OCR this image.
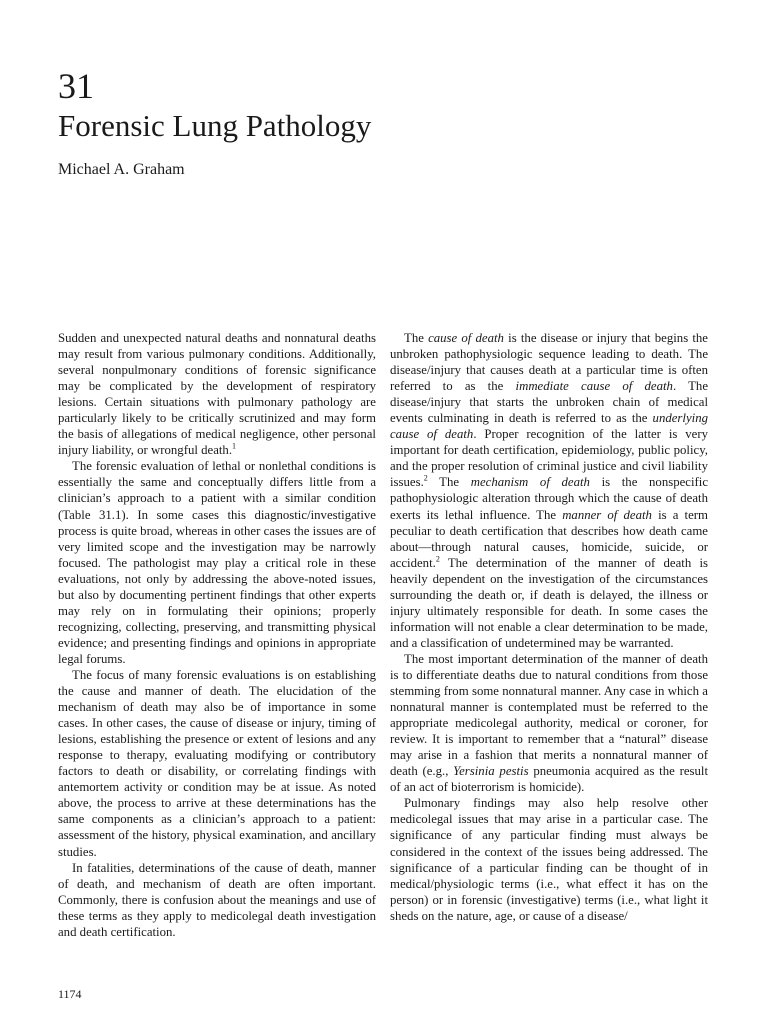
31
Forensic Lung Pathology
Michael A. Graham

Sudden and unexpected natural deaths and nonnatural deaths may result from various pulmonary conditions. Additionally, several nonpulmonary conditions of forensic significance may be complicated by the development of respiratory lesions. Certain situations with pulmonary pathology are particularly likely to be critically scrutinized and may form the basis of allegations of medical negligence, other personal injury liability, or wrongful death.$^1$

The forensic evaluation of lethal or nonlethal conditions is essentially the same and conceptually differs little from a clinician’s approach to a patient with a similar condition (Table 31.1). In some cases this diagnostic/investigative process is quite broad, whereas in other cases the issues are of very limited scope and the investigation may be narrowly focused. The pathologist may play a critical role in these evaluations, not only by addressing the above-noted issues, but also by documenting pertinent findings that other experts may rely on in formulating their opinions; properly recognizing, collecting, preserving, and transmitting physical evidence; and presenting findings and opinions in appropriate legal forums.

The focus of many forensic evaluations is on establishing the cause and manner of death. The elucidation of the mechanism of death may also be of importance in some cases. In other cases, the cause of disease or injury, timing of lesions, establishing the presence or extent of lesions and any response to therapy, evaluating modifying or contributory factors to death or disability, or correlating findings with antemortem activity or condition may be at issue. As noted above, the process to arrive at these determinations has the same components as a clinician’s approach to a patient: assessment of the history, physical examination, and ancillary studies.

In fatalities, determinations of the cause of death, manner of death, and mechanism of death are often important. Commonly, there is confusion about the meanings and use of these terms as they apply to medicolegal death investigation and death certification.

The cause of death is the disease or injury that begins the unbroken pathophysiologic sequence leading to death. The disease/injury that causes death at a particular time is often referred to as the immediate cause of death. The disease/injury that starts the unbroken chain of medical events culminating in death is referred to as the underlying cause of death. Proper recognition of the latter is very important for death certification, epidemiology, public policy, and the proper resolution of criminal justice and civil liability issues.$^2$ The mechanism of death is the nonspecific pathophysiologic alteration through which the cause of death exerts its lethal influence. The manner of death is a term peculiar to death certification that describes how death came about—through natural causes, homicide, suicide, or accident.$^2$ The determination of the manner of death is heavily dependent on the investigation of the circumstances surrounding the death or, if death is delayed, the illness or injury ultimately responsible for death. In some cases the information will not enable a clear determination to be made, and a classification of undetermined may be warranted.

The most important determination of the manner of death is to differentiate deaths due to natural conditions from those stemming from some nonnatural manner. Any case in which a nonnatural manner is contemplated must be referred to the appropriate medicolegal authority, medical or coroner, for review. It is important to remember that a “natural” disease may arise in a fashion that merits a nonnatural manner of death (e.g., Yersinia pestis pneumonia acquired as the result of an act of bioterrorism is homicide).

Pulmonary findings may also help resolve other medicolegal issues that may arise in a particular case. The significance of any particular finding must always be considered in the context of the issues being addressed. The significance of a particular finding can be thought of in medical/physiologic terms (i.e., what effect it has on the person) or in forensic (investigative) terms (i.e., what light it sheds on the nature, age, or cause of a disease/

1174
